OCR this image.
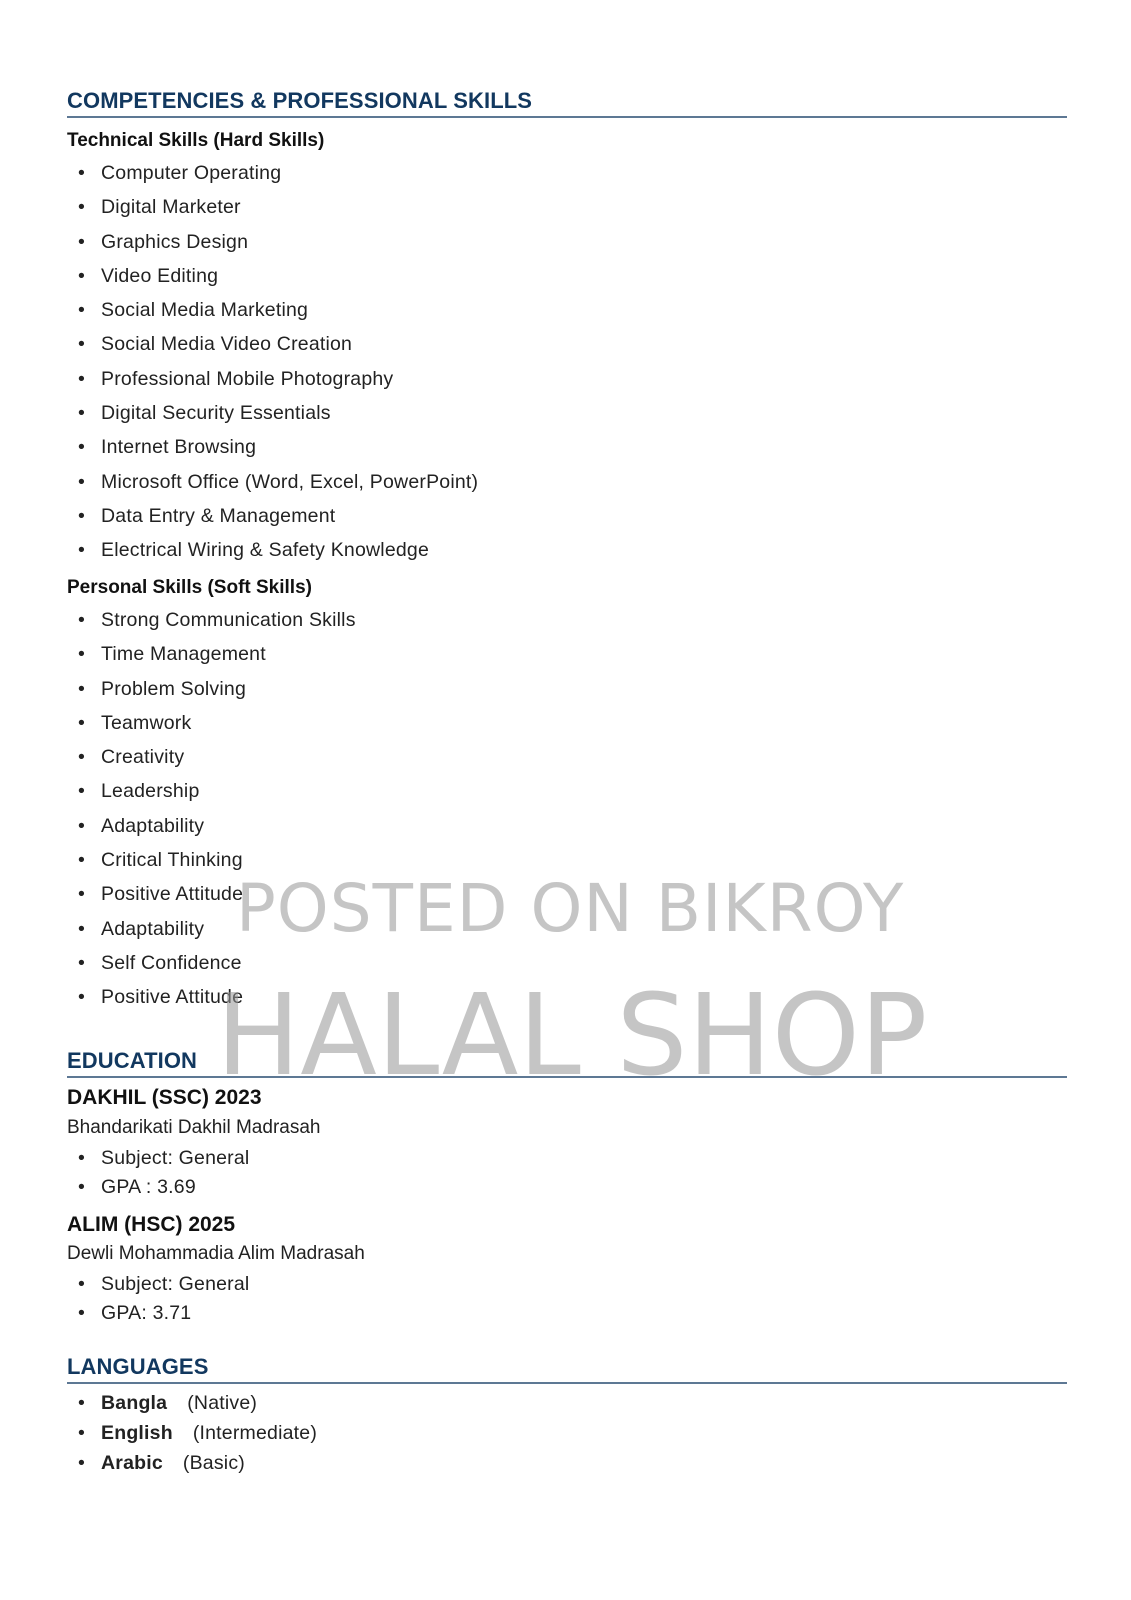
COMPETENCIES & PROFESSIONAL SKILLS
Technical Skills (Hard Skills)
• Computer Operating
• Digital Marketer
• Graphics Design
• Video Editing
• Social Media Marketing
• Social Media Video Creation
• Professional Mobile Photography
• Digital Security Essentials
• Internet Browsing
• Microsoft Office (Word, Excel, PowerPoint)
• Data Entry & Management
• Electrical Wiring & Safety Knowledge
Personal Skills (Soft Skills)
• Strong Communication Skills
• Time Management
• Problem Solving
• Teamwork
• Creativity
• Leadership
• Adaptability
• Critical Thinking
• Positive Attitude
• Adaptability
• Self Confidence
• Positive Attitude
EDUCATION
DAKHIL (SSC) 2023
Bhandarikati Dakhil Madrasah
• Subject: General
• GPA : 3.69
ALIM (HSC) 2025
Dewli Mohammadia Alim Madrasah
• Subject: General
• GPA: 3.71
LANGUAGES
• Bangla (Native)
• English (Intermediate)
• Arabic (Basic)
POSTED ON BIKROY
HALAL SHOP
